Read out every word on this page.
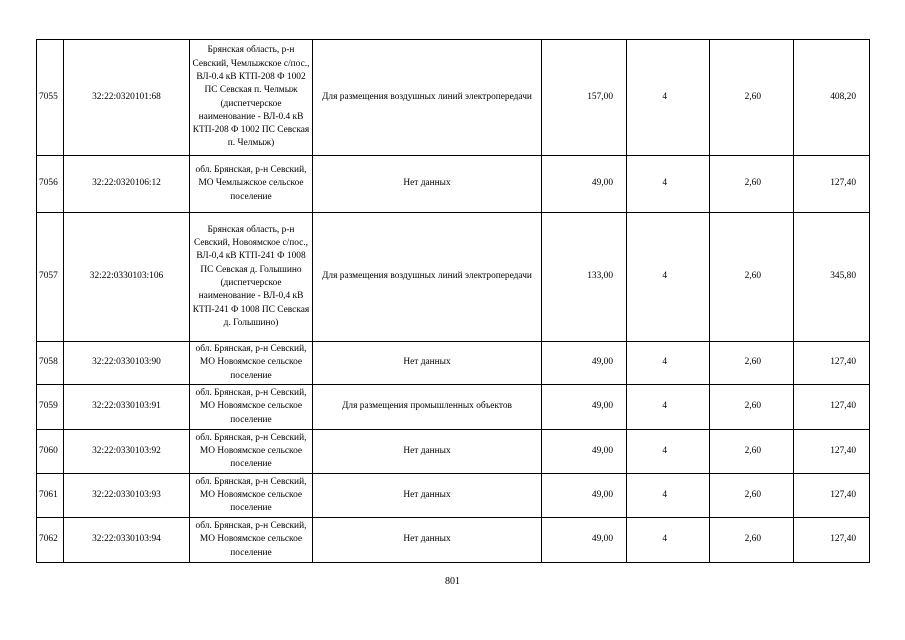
7055	32:22:0320101:68	Брянская область, р-н Севский, Чемлыжское с/пос., ВЛ-0.4 кВ КТП-208 Ф 1002 ПС Севская п. Челмыж (диспетчерское наименование - ВЛ-0.4 кВ КТП-208 Ф 1002 ПС Севская п. Челмыж)	Для размещения воздушных линий электропередачи	157,00	4	2,60	408,20
7056	32:22:0320106:12	обл. Брянская, р-н Севский, МО Чемлыжское сельское поселение	Нет данных	49,00	4	2,60	127,40
7057	32:22:0330103:106	Брянская область, р-н Севский, Новоямское с/пос., ВЛ-0,4 кВ КТП-241 Ф 1008 ПС Севская д. Голышино (диспетчерское наименование - ВЛ-0,4 кВ КТП-241 Ф 1008 ПС Севская д. Голышино)	Для размещения воздушных линий электропередачи	133,00	4	2,60	345,80
7058	32:22:0330103:90	обл. Брянская, р-н Севский, МО Новоямское сельское поселение	Нет данных	49,00	4	2,60	127,40
7059	32:22:0330103:91	обл. Брянская, р-н Севский, МО Новоямское сельское поселение	Для размещения промышленных объектов	49,00	4	2,60	127,40
7060	32:22:0330103:92	обл. Брянская, р-н Севский, МО Новоямское сельское поселение	Нет данных	49,00	4	2,60	127,40
7061	32:22:0330103:93	обл. Брянская, р-н Севский, МО Новоямское сельское поселение	Нет данных	49,00	4	2,60	127,40
7062	32:22:0330103:94	обл. Брянская, р-н Севский, МО Новоямское сельское поселение	Нет данных	49,00	4	2,60	127,40
801
